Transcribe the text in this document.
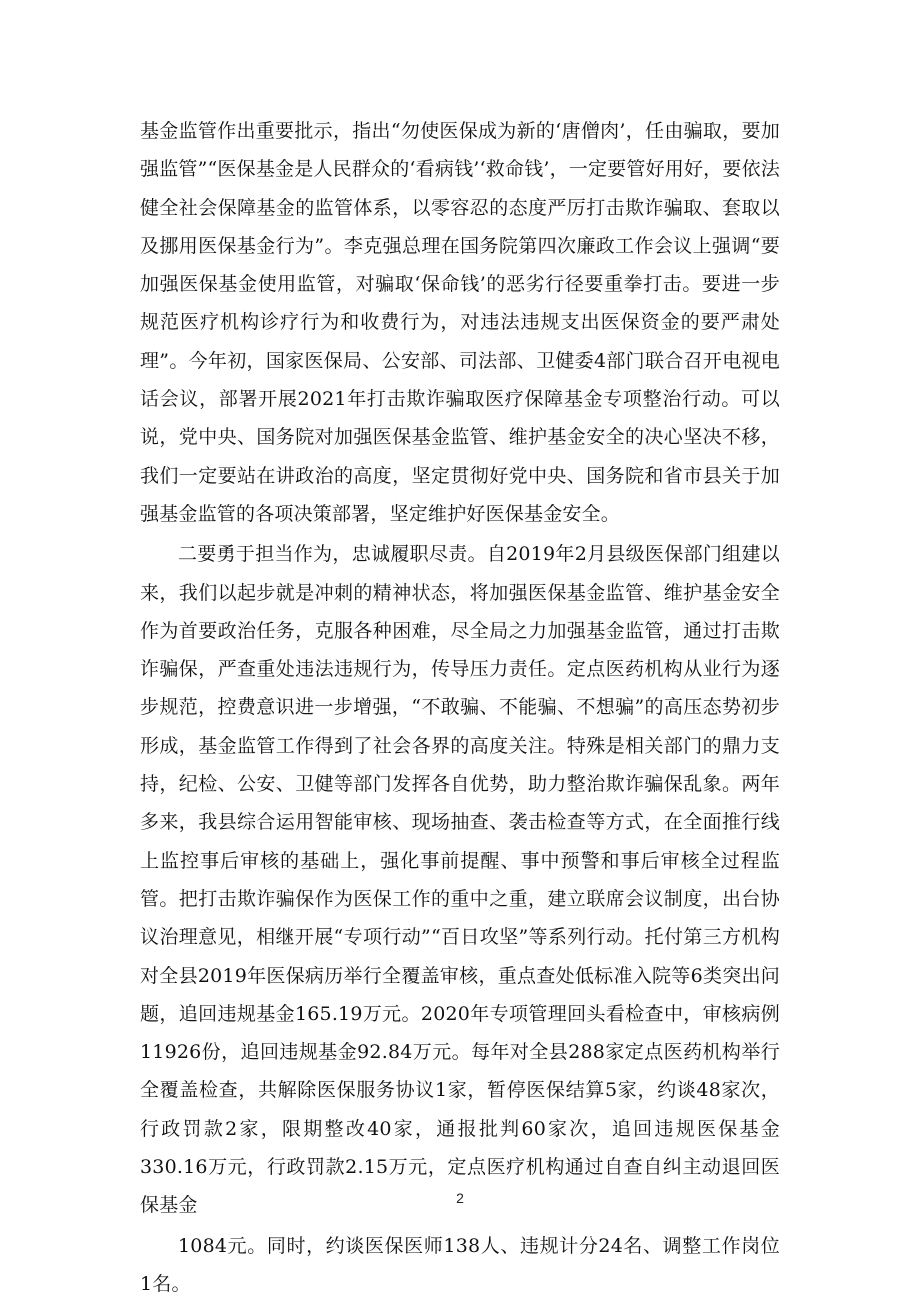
基金监管作出重要批示，指出“勿使医保成为新的‘唐僧肉’，任由骗取，要加强监管”“医保基金是人民群众的‘看病钱’‘救命钱’，一定要管好用好，要依法健全社会保障基金的监管体系，以零容忍的态度严厉打击欺诈骗取、套取以及挪用医保基金行为”。李克强总理在国务院第四次廉政工作会议上强调“要加强医保基金使用监管，对骗取‘保命钱’的恶劣行径要重拳打击。要进一步规范医疗机构诊疗行为和收费行为，对违法违规支出医保资金的要严肃处理”。今年初，国家医保局、公安部、司法部、卫健委4部门联合召开电视电话会议，部署开展2021年打击欺诈骗取医疗保障基金专项整治行动。可以说，党中央、国务院对加强医保基金监管、维护基金安全的决心坚决不移，我们一定要站在讲政治的高度，坚定贯彻好党中央、国务院和省市县关于加强基金监管的各项决策部署，坚定维护好医保基金安全。

二要勇于担当作为，忠诚履职尽责。自2019年2月县级医保部门组建以来，我们以起步就是冲刺的精神状态，将加强医保基金监管、维护基金安全作为首要政治任务，克服各种困难，尽全局之力加强基金监管，通过打击欺诈骗保，严查重处违法违规行为，传导压力责任。定点医药机构从业行为逐步规范，控费意识进一步增强，“不敢骗、不能骗、不想骗”的高压态势初步形成，基金监管工作得到了社会各界的高度关注。特殊是相关部门的鼎力支持，纪检、公安、卫健等部门发挥各自优势，助力整治欺诈骗保乱象。两年多来，我县综合运用智能审核、现场抽查、袭击检查等方式，在全面推行线上监控事后审核的基础上，强化事前提醒、事中预警和事后审核全过程监管。把打击欺诈骗保作为医保工作的重中之重，建立联席会议制度，出台协议治理意见，相继开展“专项行动”“百日攻坚”等系列行动。托付第三方机构对全县2019年医保病历举行全覆盖审核，重点查处低标准入院等6类突出问题，追回违规基金165.19万元。2020年专项管理回头看检查中，审核病例11926份，追回违规基金92.84万元。每年对全县288家定点医药机构举行全覆盖检查，共解除医保服务协议1家，暂停医保结算5家，约谈48家次，行政罚款2家，限期整改40家，通报批判60家次，追回违规医保基金330.16万元，行政罚款2.15万元，定点医疗机构通过自查自纠主动退回医保基金

1084元。同时，约谈医保医师138人、违规计分24名、调整工作岗位1名。

2
